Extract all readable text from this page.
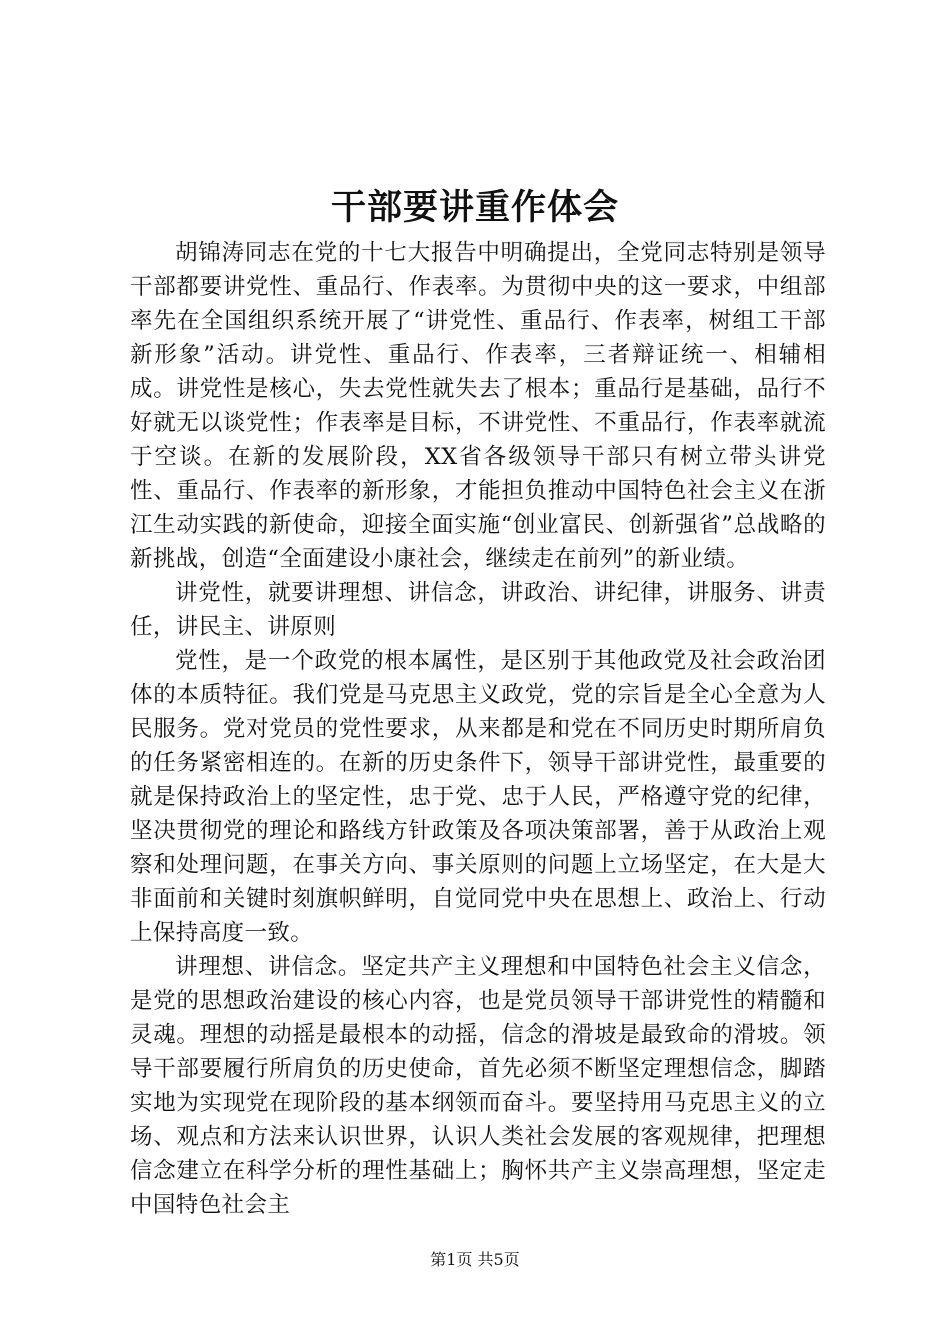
干部要讲重作体会

胡锦涛同志在党的十七大报告中明确提出，全党同志特别是领导干部都要讲党性、重品行、作表率。为贯彻中央的这一要求，中组部率先在全国组织系统开展了“讲党性、重品行、作表率，树组工干部新形象”活动。讲党性、重品行、作表率，三者辩证统一、相辅相成。讲党性是核心，失去党性就失去了根本；重品行是基础，品行不好就无以谈党性；作表率是目标，不讲党性、不重品行，作表率就流于空谈。在新的发展阶段，XX省各级领导干部只有树立带头讲党性、重品行、作表率的新形象，才能担负推动中国特色社会主义在浙江生动实践的新使命，迎接全面实施“创业富民、创新强省”总战略的新挑战，创造“全面建设小康社会，继续走在前列”的新业绩。

讲党性，就要讲理想、讲信念，讲政治、讲纪律，讲服务、讲责任，讲民主、讲原则

党性，是一个政党的根本属性，是区别于其他政党及社会政治团体的本质特征。我们党是马克思主义政党，党的宗旨是全心全意为人民服务。党对党员的党性要求，从来都是和党在不同历史时期所肩负的任务紧密相连的。在新的历史条件下，领导干部讲党性，最重要的就是保持政治上的坚定性，忠于党、忠于人民，严格遵守党的纪律，坚决贯彻党的理论和路线方针政策及各项决策部署，善于从政治上观察和处理问题，在事关方向、事关原则的问题上立场坚定，在大是大非面前和关键时刻旗帜鲜明，自觉同党中央在思想上、政治上、行动上保持高度一致。

讲理想、讲信念。坚定共产主义理想和中国特色社会主义信念，是党的思想政治建设的核心内容，也是党员领导干部讲党性的精髓和灵魂。理想的动摇是最根本的动摇，信念的滑坡是最致命的滑坡。领导干部要履行所肩负的历史使命，首先必须不断坚定理想信念，脚踏实地为实现党在现阶段的基本纲领而奋斗。要坚持用马克思主义的立场、观点和方法来认识世界，认识人类社会发展的客观规律，把理想信念建立在科学分析的理性基础上；胸怀共产主义崇高理想，坚定走中国特色社会主

第1页 共5页
